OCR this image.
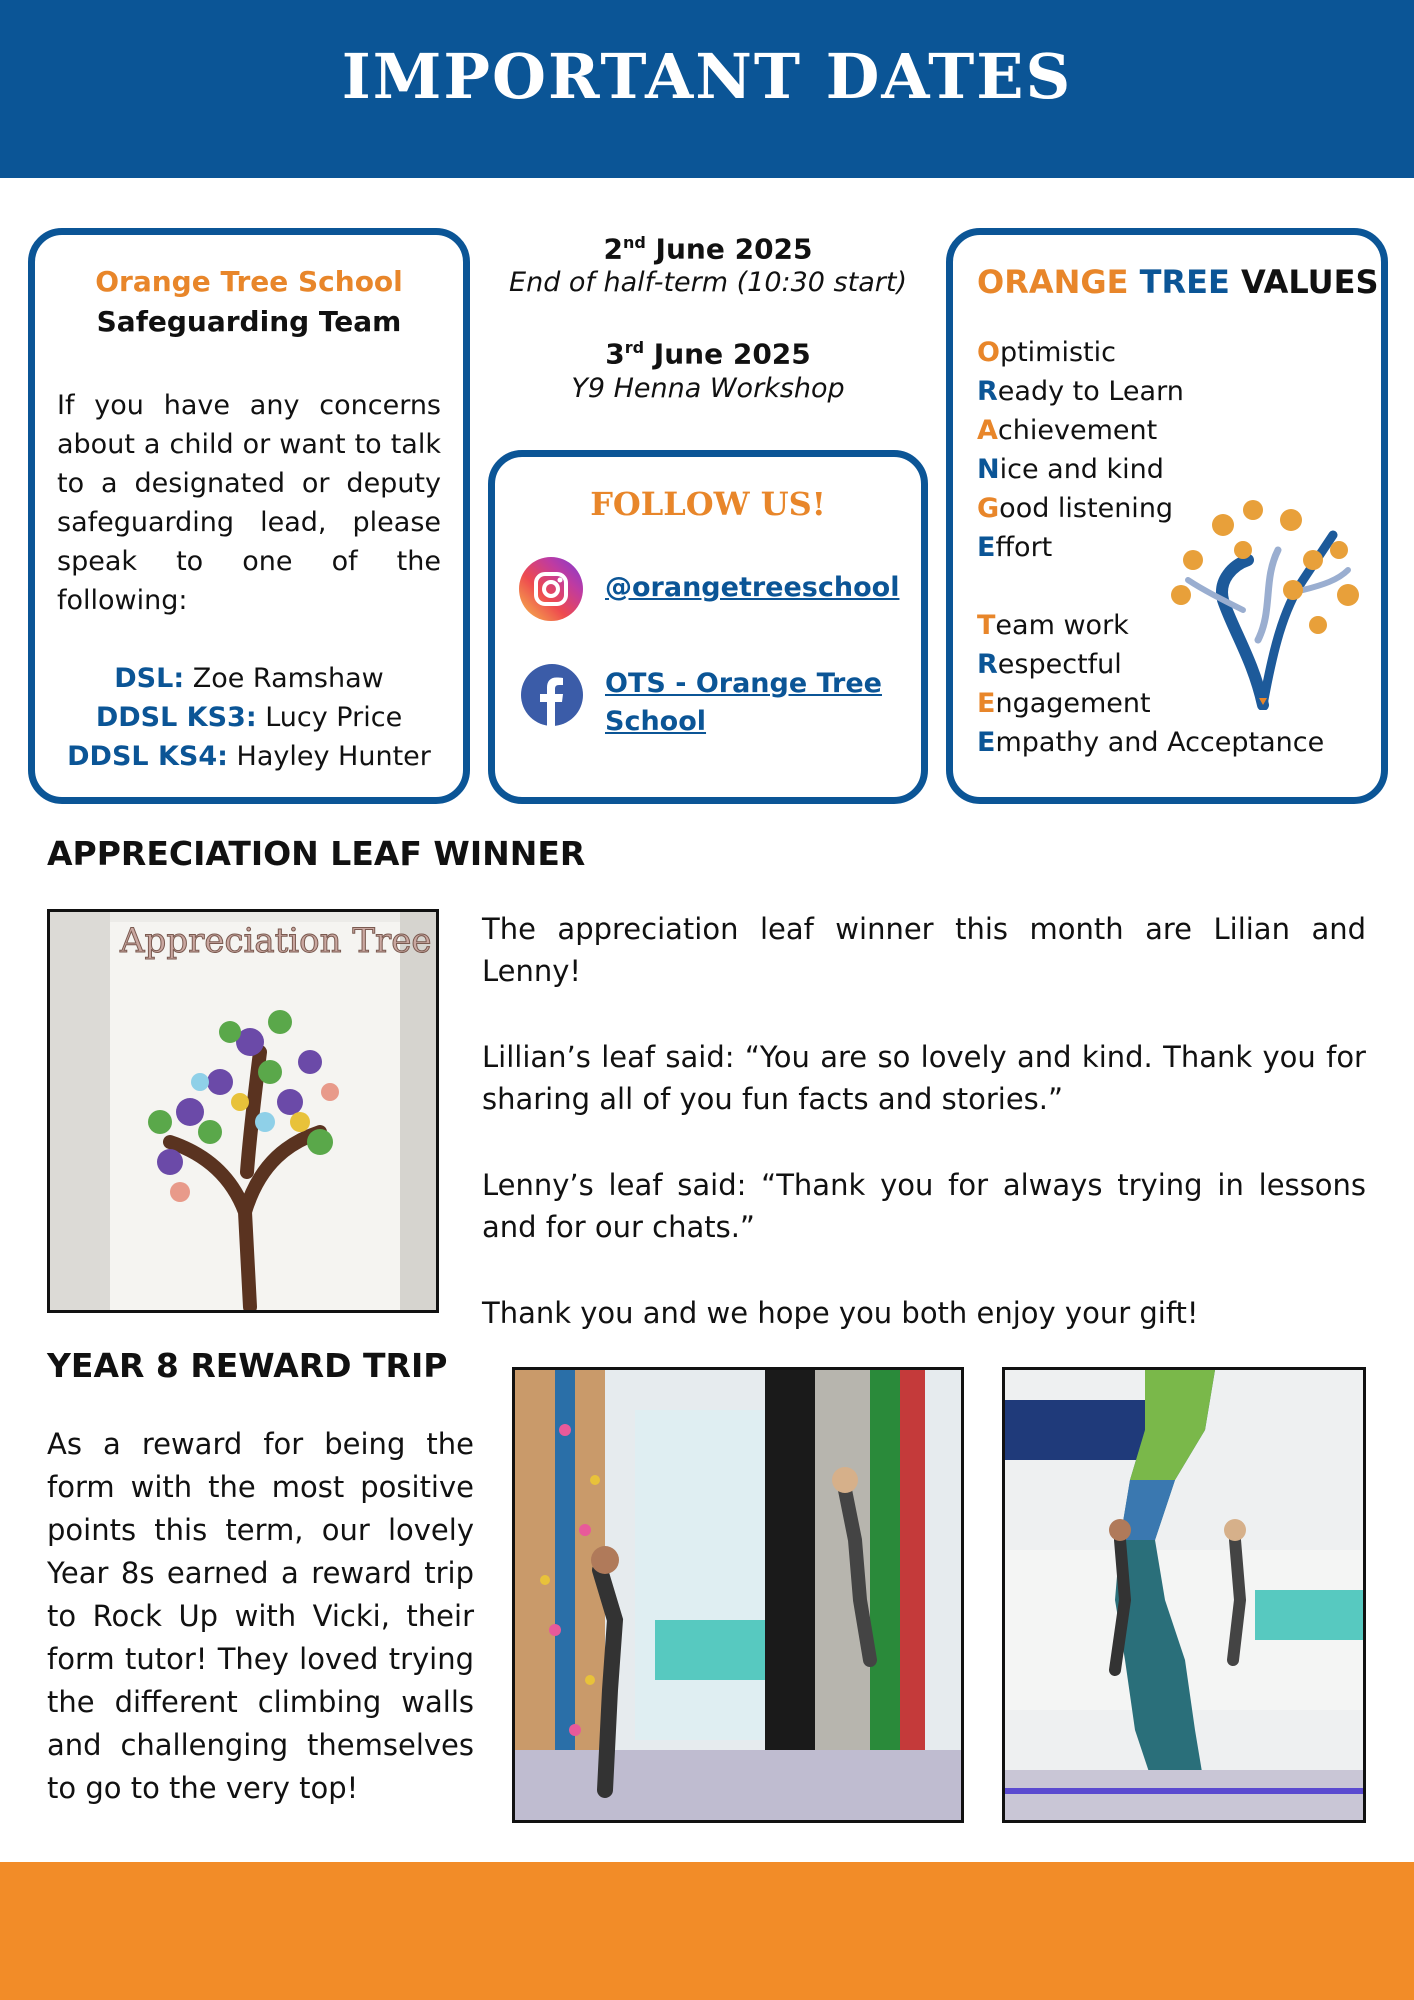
IMPORTANT DATES
Orange Tree School
Safeguarding Team
If you have any concerns about a child or want to talk to a designated or deputy safeguarding lead, please speak to one of the following:
DSL: Zoe Ramshaw
DDSL KS3: Lucy Price
DDSL KS4: Hayley Hunter
2nd June 2025
End of half-term (10:30 start)
3rd June 2025
Y9 Henna Workshop
FOLLOW US!
@orangetreeschool
OTS - Orange Tree School
ORANGE TREE VALUES
Optimistic
Ready to Learn
Achievement
Nice and kind
Good listening
Effort
Team work
Respectful
Engagement
Empathy and Acceptance
APPRECIATION LEAF WINNER
Appreciation Tree The appreciation leaf winner this month are Lilian and Lenny!

Lillian’s leaf said: “You are so lovely and kind. Thank you for sharing all of you fun facts and stories.”

Lenny’s leaf said: “Thank you for always trying in lessons and for our chats.”

Thank you and we hope you both enjoy your gift!

YEAR 8 REWARD TRIP
As a reward for being the form with the most positive points this term, our lovely Year 8s earned a reward trip to Rock Up with Vicki, their form tutor! They loved trying the different climbing walls and challenging themselves to go to the very top!
